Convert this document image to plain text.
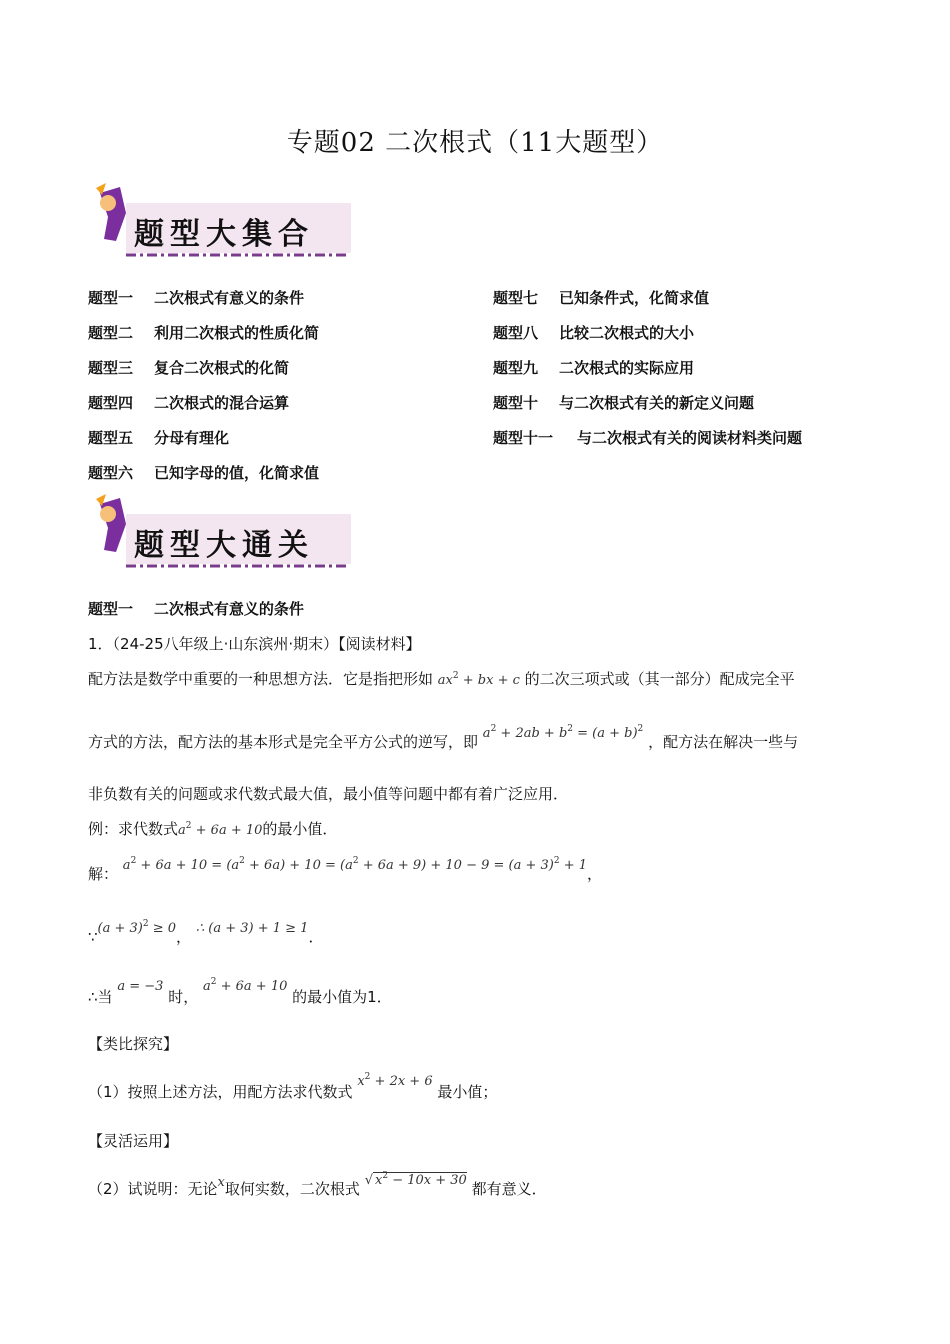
专题02 二次根式（11大题型）
题型大集合
题型一 二次根式有意义的条件
题型二 利用二次根式的性质化简
题型三 复合二次根式的化简
题型四 二次根式的混合运算
题型五 分母有理化
题型六 已知字母的值，化简求值
题型七 已知条件式，化简求值
题型八 比较二次根式的大小
题型九 二次根式的实际应用
题型十 与二次根式有关的新定义问题
题型十一 与二次根式有关的阅读材料类问题
题型大通关
题型一    二次根式有意义的条件
1．（24-25八年级上·山东滨州·期末）【阅读材料】
配方法是数学中重要的一种思想方法．它是指把形如 $ax^2$ + bx + c 的二次三项式或（其一部分）配成完全平
方式的方法，配方法的基本形式是完全平方公式的逆写，即 $a^2 + 2ab + b^2 = (a + b)^2$ ，配方法在解决一些与
非负数有关的问题或求代数式最大值，最小值等问题中都有着广泛应用．
例：求代数式$a^2 + 6a + 10$的最小值．
解： $a^2 + 6a + 10 = (a^2 + 6a) + 10 = (a^2 + 6a + 9) + 10 - 9 = (a + 3)^2 + 1$，
∵(a + 3)$^2$ ≥ 0， ∴ (a + 3) + 1 ≥ 1．
∴当 a = −3 时， $a^2 + 6a + 10$ 的最小值为1．
【类比探究】
（1）按照上述方法，用配方法求代数式 $x^2 + 2x + 6$ 最小值；
【灵活运用】
（2）试说明：无论x取何实数，二次根式 √ $x^2 - 10x + 30$ 都有意义．
